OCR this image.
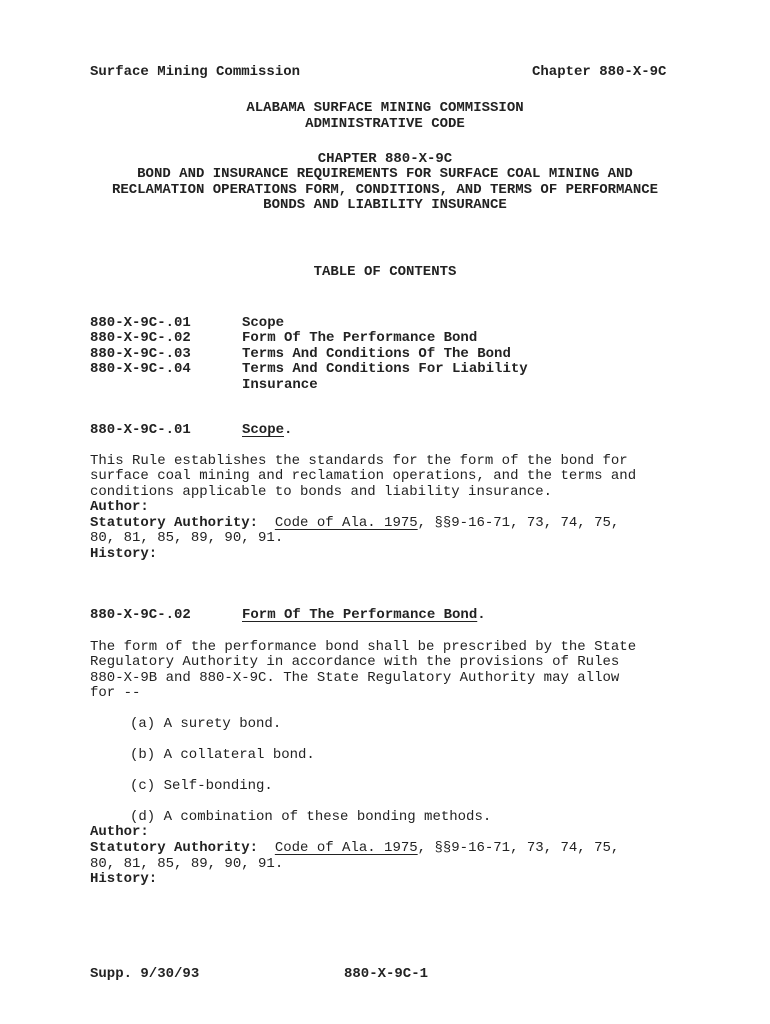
Surface Mining Commission	Chapter 880-X-9C
ALABAMA SURFACE MINING COMMISSION
ADMINISTRATIVE CODE
CHAPTER 880-X-9C
BOND AND INSURANCE REQUIREMENTS FOR SURFACE COAL MINING AND
RECLAMATION OPERATIONS FORM, CONDITIONS, AND TERMS OF PERFORMANCE
BONDS AND LIABILITY INSURANCE
TABLE OF CONTENTS
880-X-9C-.01	Scope
880-X-9C-.02	Form Of The Performance Bond
880-X-9C-.03	Terms And Conditions Of The Bond
880-X-9C-.04	Terms And Conditions For Liability
Insurance
880-X-9C-.01	Scope.
This Rule establishes the standards for the form of the bond for
surface coal mining and reclamation operations, and the terms and
conditions applicable to bonds and liability insurance.
Author:
Statutory Authority: Code of Ala. 1975, §§9-16-71, 73, 74, 75,
80, 81, 85, 89, 90, 91.
History:
880-X-9C-.02	Form Of The Performance Bond.
The form of the performance bond shall be prescribed by the State
Regulatory Authority in accordance with the provisions of Rules
880-X-9B and 880-X-9C. The State Regulatory Authority may allow
for --
(a) A surety bond.
(b) A collateral bond.
(c) Self-bonding.
(d) A combination of these bonding methods.
Author:
Statutory Authority: Code of Ala. 1975, §§9-16-71, 73, 74, 75,
80, 81, 85, 89, 90, 91.
History:
Supp. 9/30/93	880-X-9C-1
